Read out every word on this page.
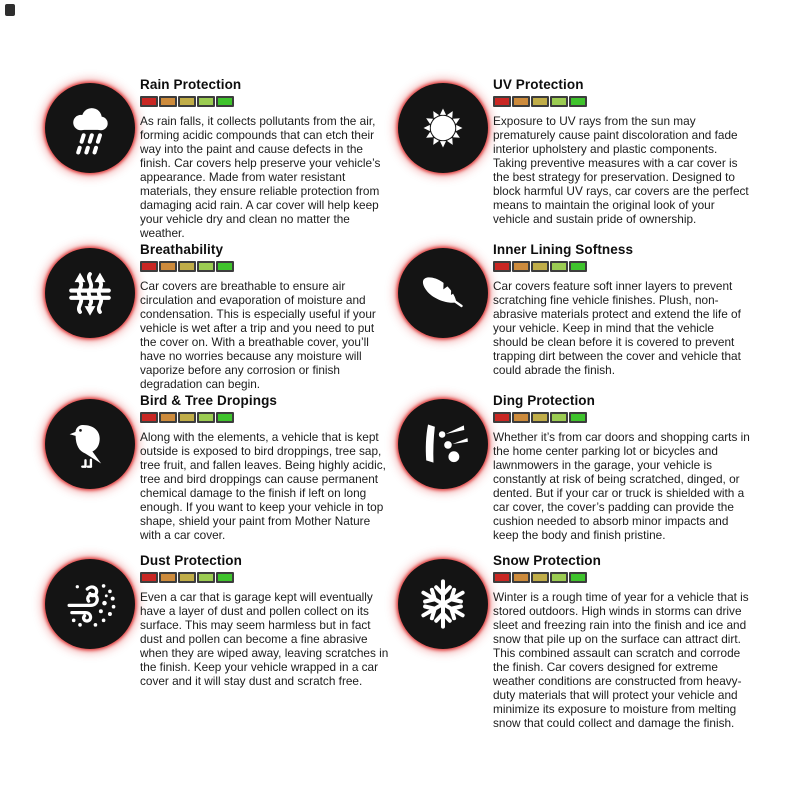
Rain Protection

As rain falls, it collects pollutants from the air, forming acidic compounds that can etch their way into the paint and cause defects in the finish. Car covers help preserve your vehicle’s appearance. Made from water resistant materials, they ensure reliable protection from damaging acid rain. A car cover will help keep your vehicle dry and clean no matter the weather.

UV Protection

Exposure to UV rays from the sun may prematurely cause paint discoloration and fade interior upholstery and plastic components. Taking preventive measures with a car cover is the best strategy for preservation. Designed to block harmful UV rays, car covers are the perfect means to maintain the original look of your vehicle and sustain pride of ownership.

Breathability

Car covers are breathable to ensure air circulation and evaporation of moisture and condensation. This is especially useful if your vehicle is wet after a trip and you need to put the cover on. With a breathable cover, you’ll have no worries because any moisture will vaporize before any corrosion or finish degradation can begin.

Inner Lining Softness

Car covers feature soft inner layers to prevent scratching fine vehicle finishes. Plush, non-abrasive materials protect and extend the life of your vehicle. Keep in mind that the vehicle should be clean before it is covered to prevent trapping dirt between the cover and vehicle that could abrade the finish.

Bird & Tree Dropings

Along with the elements, a vehicle that is kept outside is exposed to bird droppings, tree sap, tree fruit, and fallen leaves. Being highly acidic, tree and bird droppings can cause permanent chemical damage to the finish if left on long enough. If you want to keep your vehicle in top shape, shield your paint from Mother Nature with a car cover.

Ding Protection

Whether it’s from car doors and shopping carts in the home center parking lot or bicycles and lawnmowers in the garage, your vehicle is constantly at risk of being scratched, dinged, or dented. But if your car or truck is shielded with a car cover, the cover’s padding can provide the cushion needed to absorb minor impacts and keep the body and finish pristine.

Dust Protection

Even a car that is garage kept will eventually have a layer of dust and pollen collect on its surface. This may seem harmless but in fact dust and pollen can become a fine abrasive when they are wiped away, leaving scratches in the finish. Keep your vehicle wrapped in a car cover and it will stay dust and scratch free.

Snow Protection

Winter is a rough time of year for a vehicle that is stored outdoors. High winds in storms can drive sleet and freezing rain into the finish and ice and snow that pile up on the surface can attract dirt. This combined assault can scratch and corrode the finish. Car covers designed for extreme weather conditions are constructed from heavy-duty materials that will protect your vehicle and minimize its exposure to moisture from melting snow that could collect and damage the finish.
